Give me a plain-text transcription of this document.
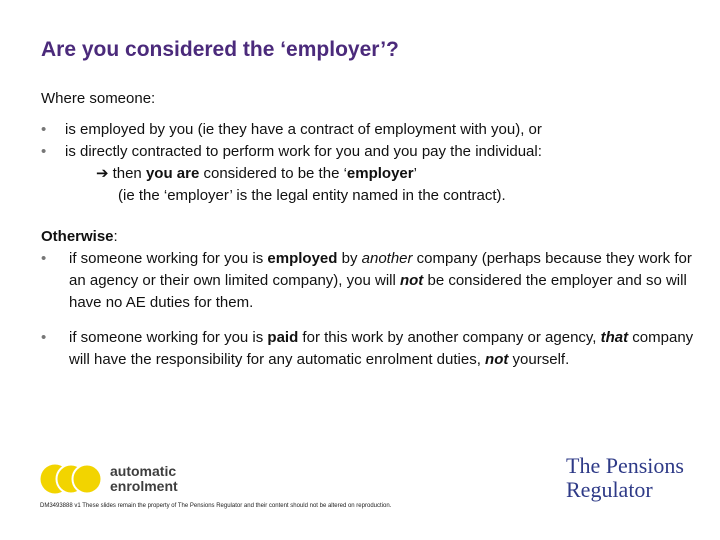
Are you considered the ‘employer’?
Where someone:
•	is employed by you (ie they have a contract of employment with you), or
•	is directly contracted to perform work for you and you pay the individual:
➔ then you are considered to be the ‘employer’
(ie the ‘employer’ is the legal entity named in the contract).
Otherwise:
•	if someone working for you is employed by another company (perhaps because they work for an agency or their own limited company), you will not be considered the employer and so will have no AE duties for them.
•	if someone working for you is paid for this work by another company or agency, that company will have the responsibility for any automatic enrolment duties, not yourself.
automatic
enrolment
The Pensions
Regulator
DM3493888 v1 These slides remain the property of The Pensions Regulator and their content should not be altered on reproduction.
